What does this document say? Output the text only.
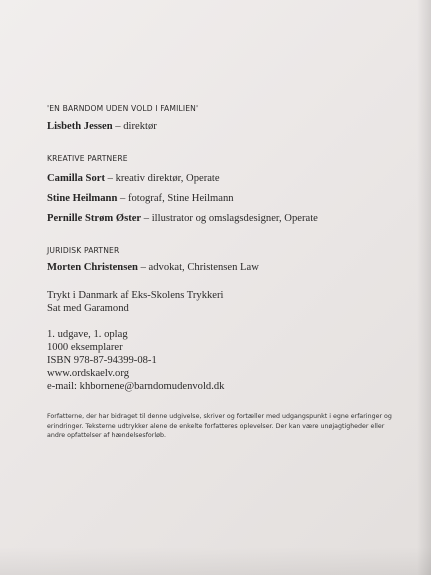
'EN BARNDOM UDEN VOLD I FAMILIEN'

Lisbeth Jessen – direktør

KREATIVE PARTNERE

Camilla Sort – kreativ direktør, Operate

Stine Heilmann – fotograf, Stine Heilmann

Pernille Strøm Øster – illustrator og omslagsdesigner, Operate

JURIDISK PARTNER

Morten Christensen – advokat, Christensen Law

Trykt i Danmark af Eks-Skolens Trykkeri

Sat med Garamond

1. udgave, 1. oplag

1000 eksemplarer

ISBN 978-87-94399-08-1

www.ordskaelv.org

e-mail: khbornene@barndomudenvold.dk

Forfatterne, der har bidraget til denne udgivelse, skriver og fortæller med udgangspunkt i egne erfaringer og erindringer. Teksterne udtrykker alene de enkelte forfatteres oplevelser. Der kan være unøjagtigheder eller andre opfattelser af hændelsesforløb.
